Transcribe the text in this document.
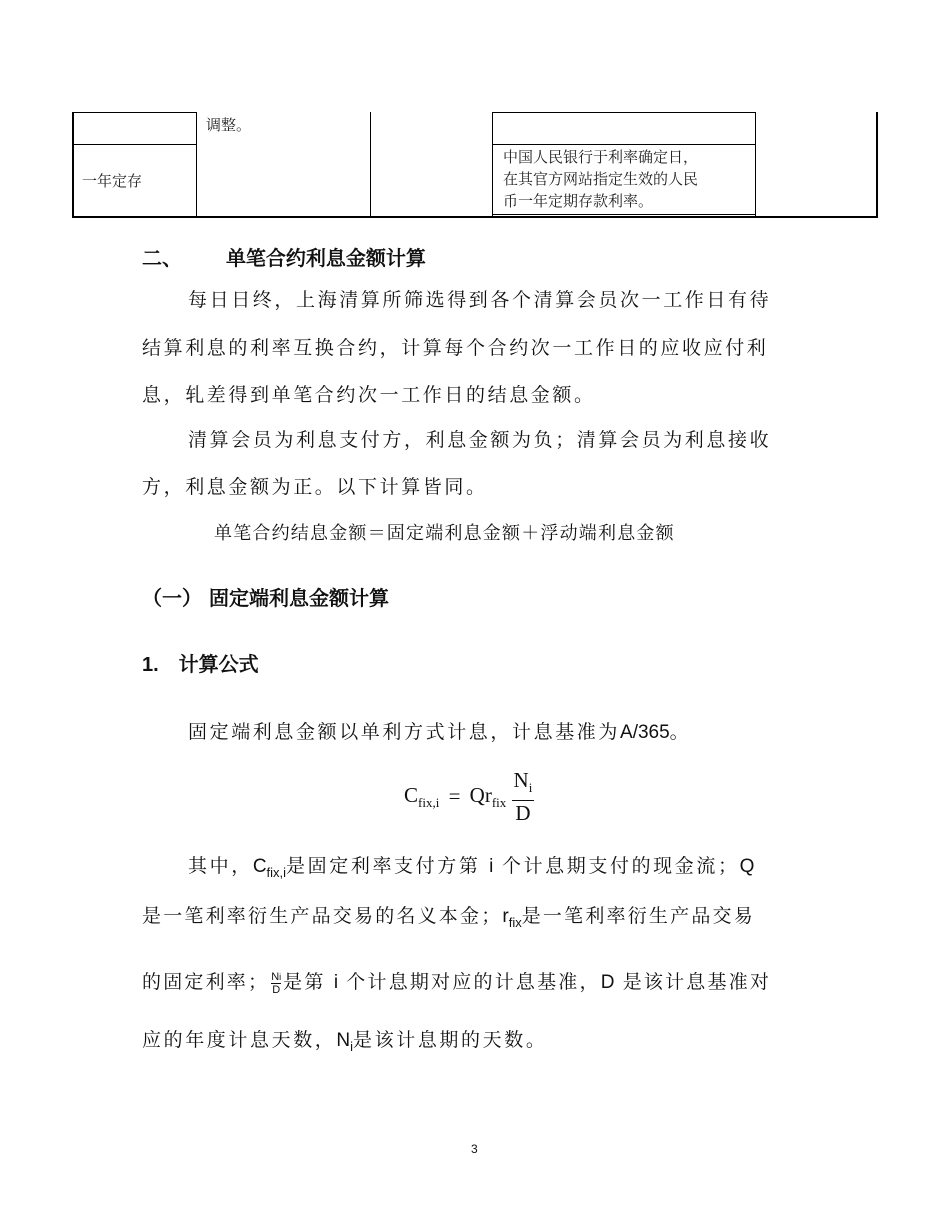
调整。
一年定存
中国人民银行于利率确定日，
在其官方网站指定生效的人民
币一年定期存款利率。
二、 单笔合约利息金额计算
每日日终，上海清算所筛选得到各个清算会员次一工作日有待
结算利息的利率互换合约，计算每个合约次一工作日的应收应付利
息，轧差得到单笔合约次一工作日的结息金额。
清算会员为利息支付方，利息金额为负；清算会员为利息接收
方，利息金额为正。以下计算皆同。
单笔合约结息金额＝固定端利息金额＋浮动端利息金额
（一） 固定端利息金额计算
1. 计算公式
固定端利息金额以单利方式计息，计息基准为A/365。
$C_{fix,i} = Qr_{fix} \frac{N_i}{D}$
其中，$C_{fix,i}$是固定利率支付方第 i 个计息期支付的现金流；Q
是一笔利率衍生产品交易的名义本金；$r_{fix}$是一笔利率衍生产品交易
的固定利率； $\frac{Ni}{D}$ 是第 i 个计息期对应的计息基准，D 是该计息基准对
应的年度计息天数，$N_i$是该计息期的天数。
3
